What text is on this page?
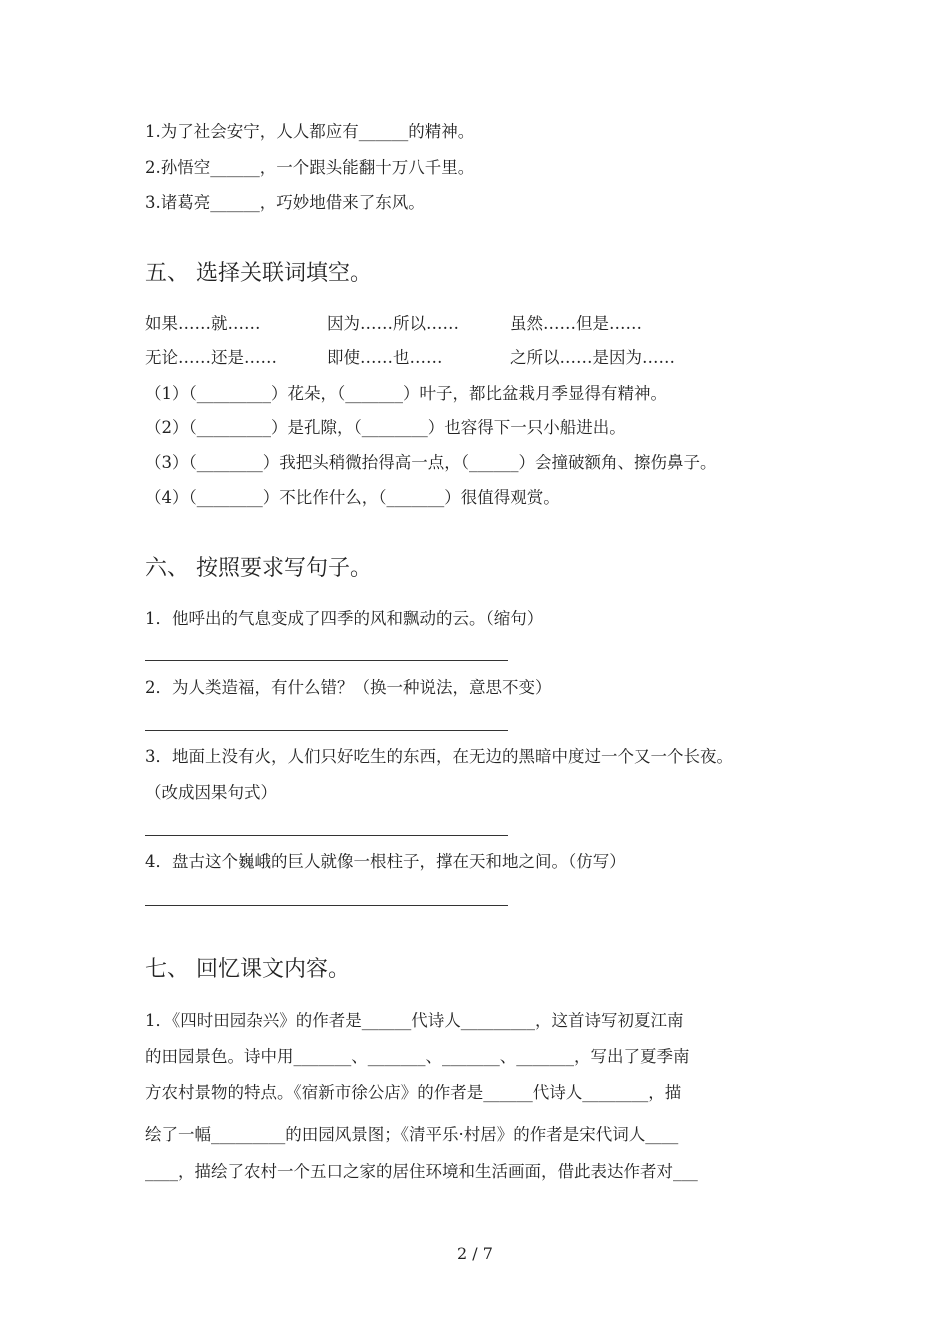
1.为了社会安宁，人人都应有______的精神。
2.孙悟空______，一个跟头能翻十万八千里。
3.诸葛亮______，巧妙地借来了东风。
五、 选择关联词填空。
如果……就……	因为……所以……	虽然……但是……
无论……还是……	即使……也……	之所以……是因为……
（1）（_________）花朵，（_______）叶子，都比盆栽月季显得有精神。
（2）（_________）是孔隙，（________）也容得下一只小船进出。
（3）（________）我把头稍微抬得高一点，（______）会撞破额角、擦伤鼻子。
（4）（________）不比作什么，（_______）很值得观赏。
六、 按照要求写句子。
1．他呼出的气息变成了四季的风和飘动的云。（缩句）
2．为人类造福，有什么错？（换一种说法，意思不变）
3．地面上没有火，人们只好吃生的东西，在无边的黑暗中度过一个又一个长夜。
（改成因果句式）
4．盘古这个巍峨的巨人就像一根柱子，撑在天和地之间。（仿写）
七、 回忆课文内容。
1．《四时田园杂兴》的作者是______代诗人_________，这首诗写初夏江南
的田园景色。诗中用_______、_______、_______、_______，写出了夏季南
方农村景物的特点。《宿新市徐公店》的作者是______代诗人________，描
绘了一幅_________的田园风景图；《清平乐·村居》的作者是宋代词人____
____，描绘了农村一个五口之家的居住环境和生活画面，借此表达作者对___
2 / 7
